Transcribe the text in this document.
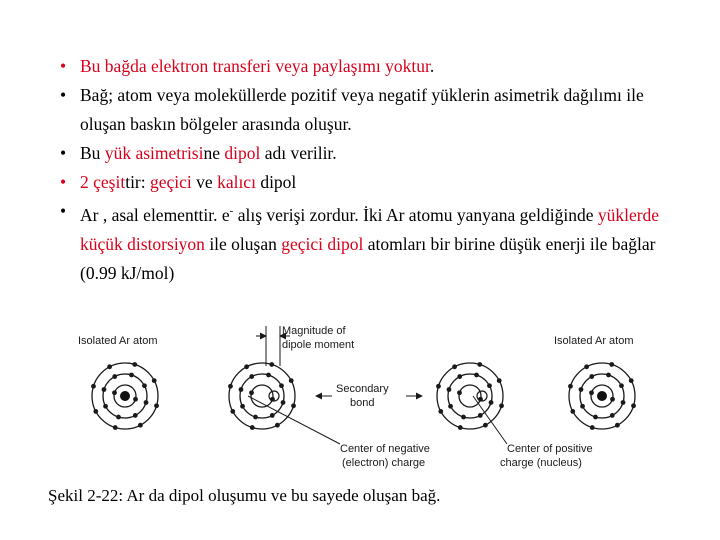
• Bu bağda elektron transferi veya paylaşımı yoktur.
• Bağ; atom veya moleküllerde pozitif veya negatif yüklerin asimetrik dağılımı ile oluşan baskın bölgeler arasında oluşur.
• Bu yük asimetrisine dipol adı verilir.
• 2 çeşittir: geçici ve kalıcı dipol
• Ar , asal elementtir. e- alış verişi zordur. İki Ar atomu yanyana geldiğinde yüklerde küçük distorsiyon ile oluşan geçici dipol atomları bir birine düşük enerji ile bağlar (0.99 kJ/mol)
Isolated Ar atom	Isolated Ar atom
Magnitude of
dipole moment
Secondary
bond
Center of negative
(electron) charge
Center of positive
charge (nucleus)
Şekil 2-22: Ar da dipol oluşumu ve bu sayede oluşan bağ.
